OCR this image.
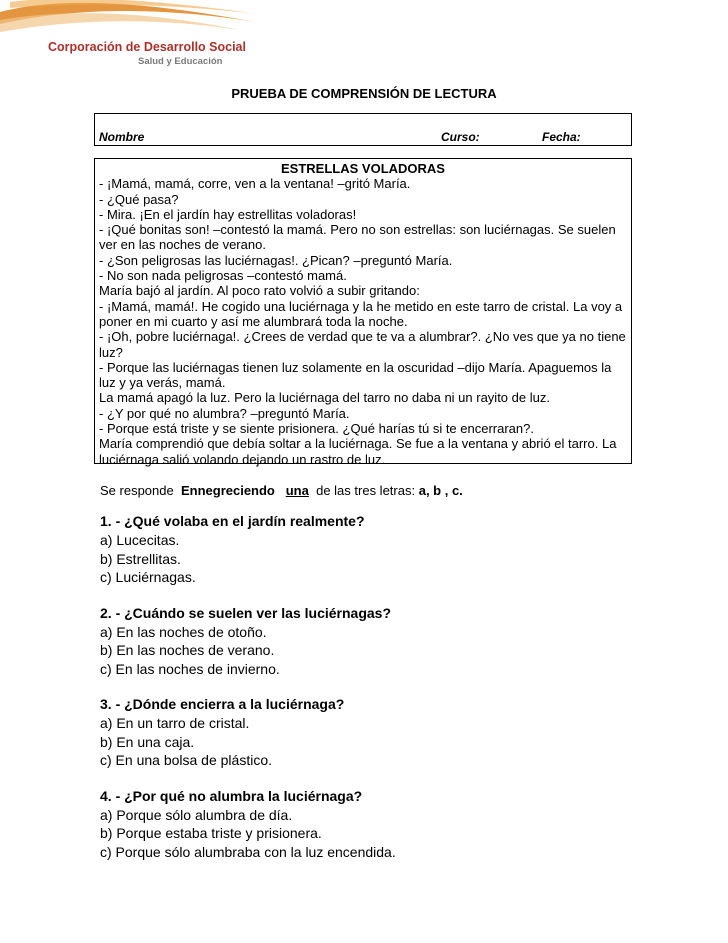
Corporación de Desarrollo Social
Salud y Educación
PRUEBA DE COMPRENSIÓN DE LECTURA
Nombre	Curso:	Fecha:
ESTRELLAS VOLADORAS
- ¡Mamá, mamá, corre, ven a la ventana! –gritó María.
- ¿Qué pasa?
- Mira. ¡En el jardín hay estrellitas voladoras!
- ¡Qué bonitas son! –contestó la mamá. Pero no son estrellas: son luciérnagas. Se suelen ver en las noches de verano.
- ¿Son peligrosas las luciérnagas!. ¿Pican? –preguntó María.
- No son nada peligrosas –contestó mamá.
María bajó al jardín. Al poco rato volvió a subir gritando:
- ¡Mamá, mamá!. He cogido una luciérnaga y la he metido en este tarro de cristal. La voy a poner en mi cuarto y así me alumbrará toda la noche.
- ¡Oh, pobre luciérnaga!. ¿Crees de verdad que te va a alumbrar?. ¿No ves que ya no tiene luz?
- Porque las luciérnagas tienen luz solamente en la oscuridad –dijo María. Apaguemos la luz y ya verás, mamá.
La mamá apagó la luz. Pero la luciérnaga del tarro no daba ni un rayito de luz.
- ¿Y por qué no alumbra? –preguntó María.
- Porque está triste y se siente prisionera. ¿Qué harías tú si te encerraran?.
María comprendió que debía soltar a la luciérnaga. Se fue a la ventana y abrió el tarro. La luciérnaga salió volando dejando un rastro de luz.
Se responde Ennegreciendo una de las tres letras: a, b , c.
1. - ¿Qué volaba en el jardín realmente?
a) Lucecitas.
b) Estrellitas.
c) Luciérnagas.
2. - ¿Cuándo se suelen ver las luciérnagas?
a) En las noches de otoño.
b) En las noches de verano.
c) En las noches de invierno.
3. - ¿Dónde encierra a la luciérnaga?
a) En un tarro de cristal.
b) En una caja.
c) En una bolsa de plástico.
4. - ¿Por qué no alumbra la luciérnaga?
a) Porque sólo alumbra de día.
b) Porque estaba triste y prisionera.
c) Porque sólo alumbraba con la luz encendida.
